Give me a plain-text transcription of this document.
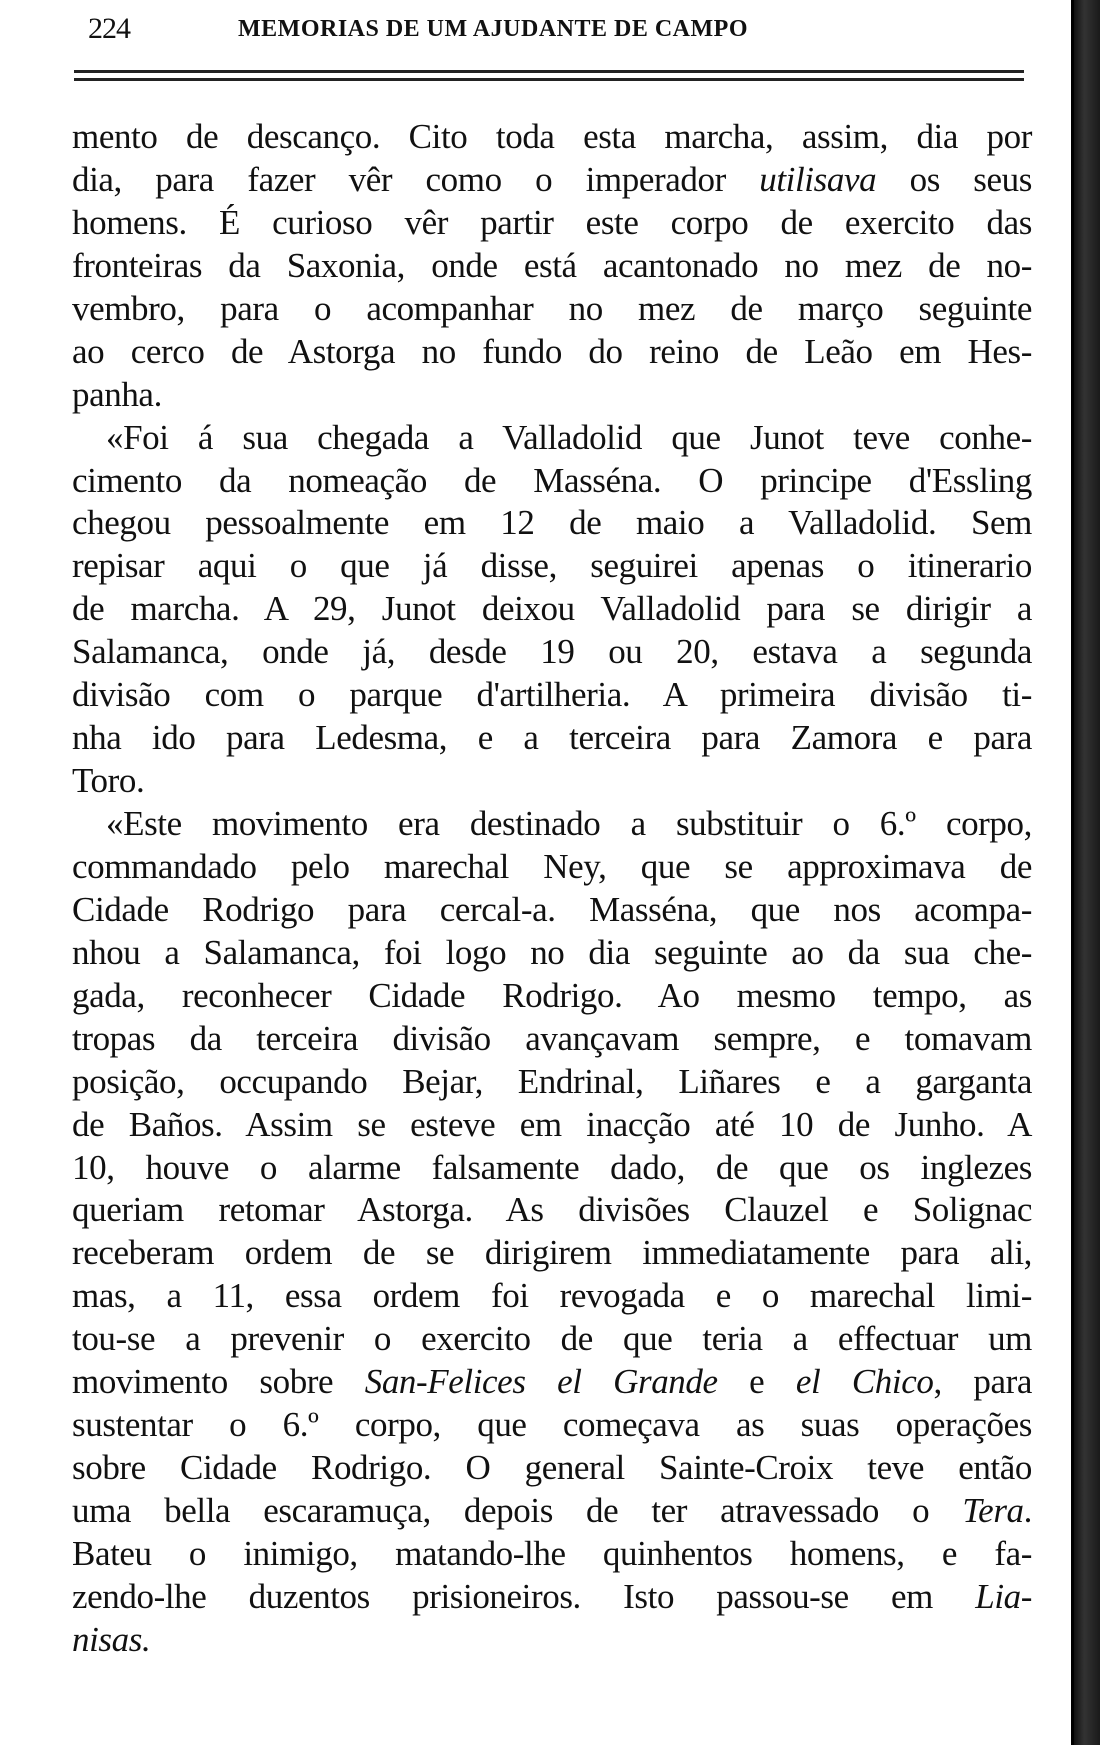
224	MEMORIAS DE UM AJUDANTE DE CAMPO
mento de descanço. Cito toda esta marcha, assim, dia por
dia, para fazer vêr como o imperador utilisava os seus
homens. É curioso vêr partir este corpo de exercito das
fronteiras da Saxonia, onde está acantonado no mez de no-
vembro, para o acompanhar no mez de março seguinte
ao cerco de Astorga no fundo do reino de Leão em Hes-
panha.
«Foi á sua chegada a Valladolid que Junot teve conhe-
cimento da nomeação de Masséna. O principe d'Essling
chegou pessoalmente em 12 de maio a Valladolid. Sem
repisar aqui o que já disse, seguirei apenas o itinerario
de marcha. A 29, Junot deixou Valladolid para se dirigir a
Salamanca, onde já, desde 19 ou 20, estava a segunda
divisão com o parque d'artilheria. A primeira divisão ti-
nha ido para Ledesma, e a terceira para Zamora e para
Toro.
«Este movimento era destinado a substituir o 6.º corpo,
commandado pelo marechal Ney, que se approximava de
Cidade Rodrigo para cercal-a. Masséna, que nos acompa-
nhou a Salamanca, foi logo no dia seguinte ao da sua che-
gada, reconhecer Cidade Rodrigo. Ao mesmo tempo, as
tropas da terceira divisão avançavam sempre, e tomavam
posição, occupando Bejar, Endrinal, Liñares e a garganta
de Baños. Assim se esteve em inacção até 10 de Junho. A
10, houve o alarme falsamente dado, de que os inglezes
queriam retomar Astorga. As divisões Clauzel e Solignac
receberam ordem de se dirigirem immediatamente para ali,
mas, a 11, essa ordem foi revogada e o marechal limi-
tou-se a prevenir o exercito de que teria a effectuar um
movimento sobre San-Felices el Grande e el Chico, para
sustentar o 6.º corpo, que começava as suas operações
sobre Cidade Rodrigo. O general Sainte-Croix teve então
uma bella escaramuça, depois de ter atravessado o Tera.
Bateu o inimigo, matando-lhe quinhentos homens, e fa-
zendo-lhe duzentos prisioneiros. Isto passou-se em Lia-
nisas.
